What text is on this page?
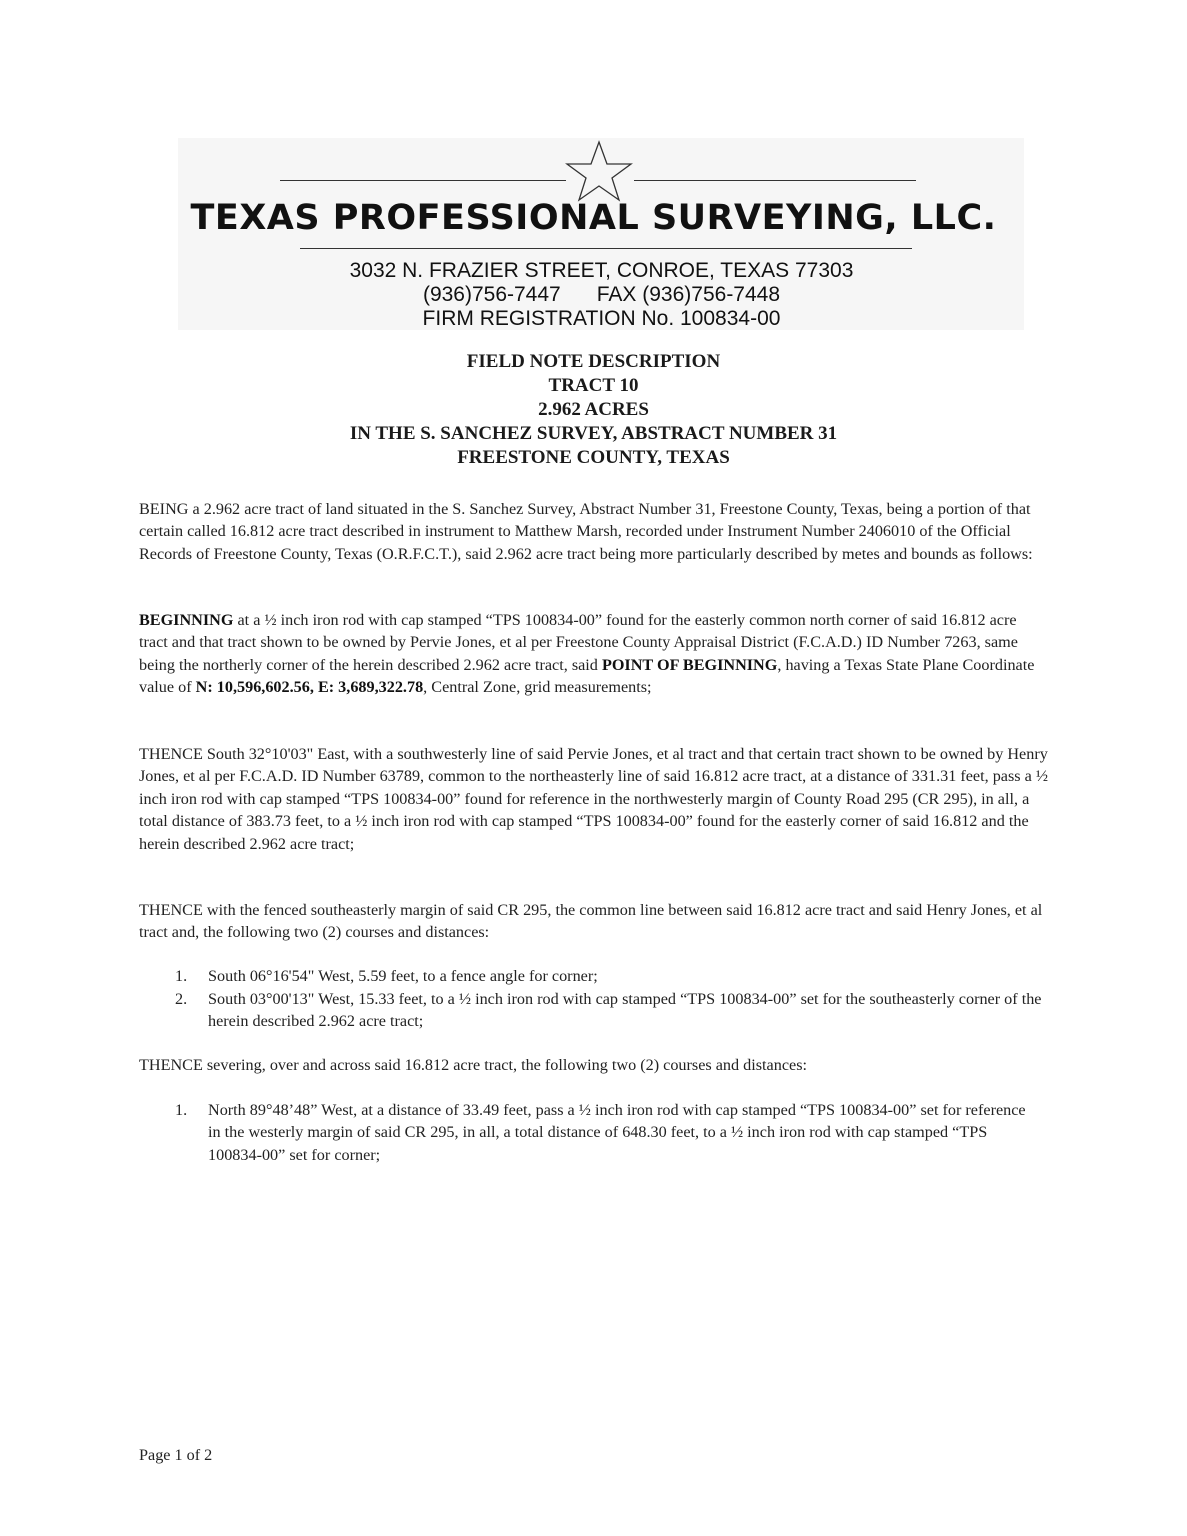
TEXAS PROFESSIONAL SURVEYING, LLC.
3032 N. FRAZIER STREET, CONROE, TEXAS 77303
(936)756-7447 FAX (936)756-7448
FIRM REGISTRATION No. 100834-00
FIELD NOTE DESCRIPTION
TRACT 10
2.962 ACRES
IN THE S. SANCHEZ SURVEY, ABSTRACT NUMBER 31
FREESTONE COUNTY, TEXAS

BEING a 2.962 acre tract of land situated in the S. Sanchez Survey, Abstract Number 31, Freestone County, Texas, being a portion of that certain called 16.812 acre tract described in instrument to Matthew Marsh, recorded under Instrument Number 2406010 of the Official Records of Freestone County, Texas (O.R.F.C.T.), said 2.962 acre tract being more particularly described by metes and bounds as follows:

BEGINNING at a ½ inch iron rod with cap stamped “TPS 100834-00” found for the easterly common north corner of said 16.812 acre tract and that tract shown to be owned by Pervie Jones, et al per Freestone County Appraisal District (F.C.A.D.) ID Number 7263, same being the northerly corner of the herein described 2.962 acre tract, said POINT OF BEGINNING, having a Texas State Plane Coordinate value of N: 10,596,602.56, E: 3,689,322.78, Central Zone, grid measurements;

THENCE South 32°10'03" East, with a southwesterly line of said Pervie Jones, et al tract and that certain tract shown to be owned by Henry Jones, et al per F.C.A.D. ID Number 63789, common to the northeasterly line of said 16.812 acre tract, at a distance of 331.31 feet, pass a ½ inch iron rod with cap stamped “TPS 100834-00” found for reference in the northwesterly margin of County Road 295 (CR 295), in all, a total distance of 383.73 feet, to a ½ inch iron rod with cap stamped “TPS 100834-00” found for the easterly corner of said 16.812 and the herein described 2.962 acre tract;

THENCE with the fenced southeasterly margin of said CR 295, the common line between said 16.812 acre tract and said Henry Jones, et al tract and, the following two (2) courses and distances:

1.	South 06°16'54" West, 5.59 feet, to a fence angle for corner;

2.	South 03°00'13" West, 15.33 feet, to a ½ inch iron rod with cap stamped “TPS 100834-00” set for the southeasterly corner of the herein described 2.962 acre tract;

THENCE severing, over and across said 16.812 acre tract, the following two (2) courses and distances:

1.	North 89°48’48” West, at a distance of 33.49 feet, pass a ½ inch iron rod with cap stamped “TPS 100834-00” set for reference in the westerly margin of said CR 295, in all, a total distance of 648.30 feet, to a ½ inch iron rod with cap stamped “TPS 100834-00” set for corner;

Page 1 of 2
